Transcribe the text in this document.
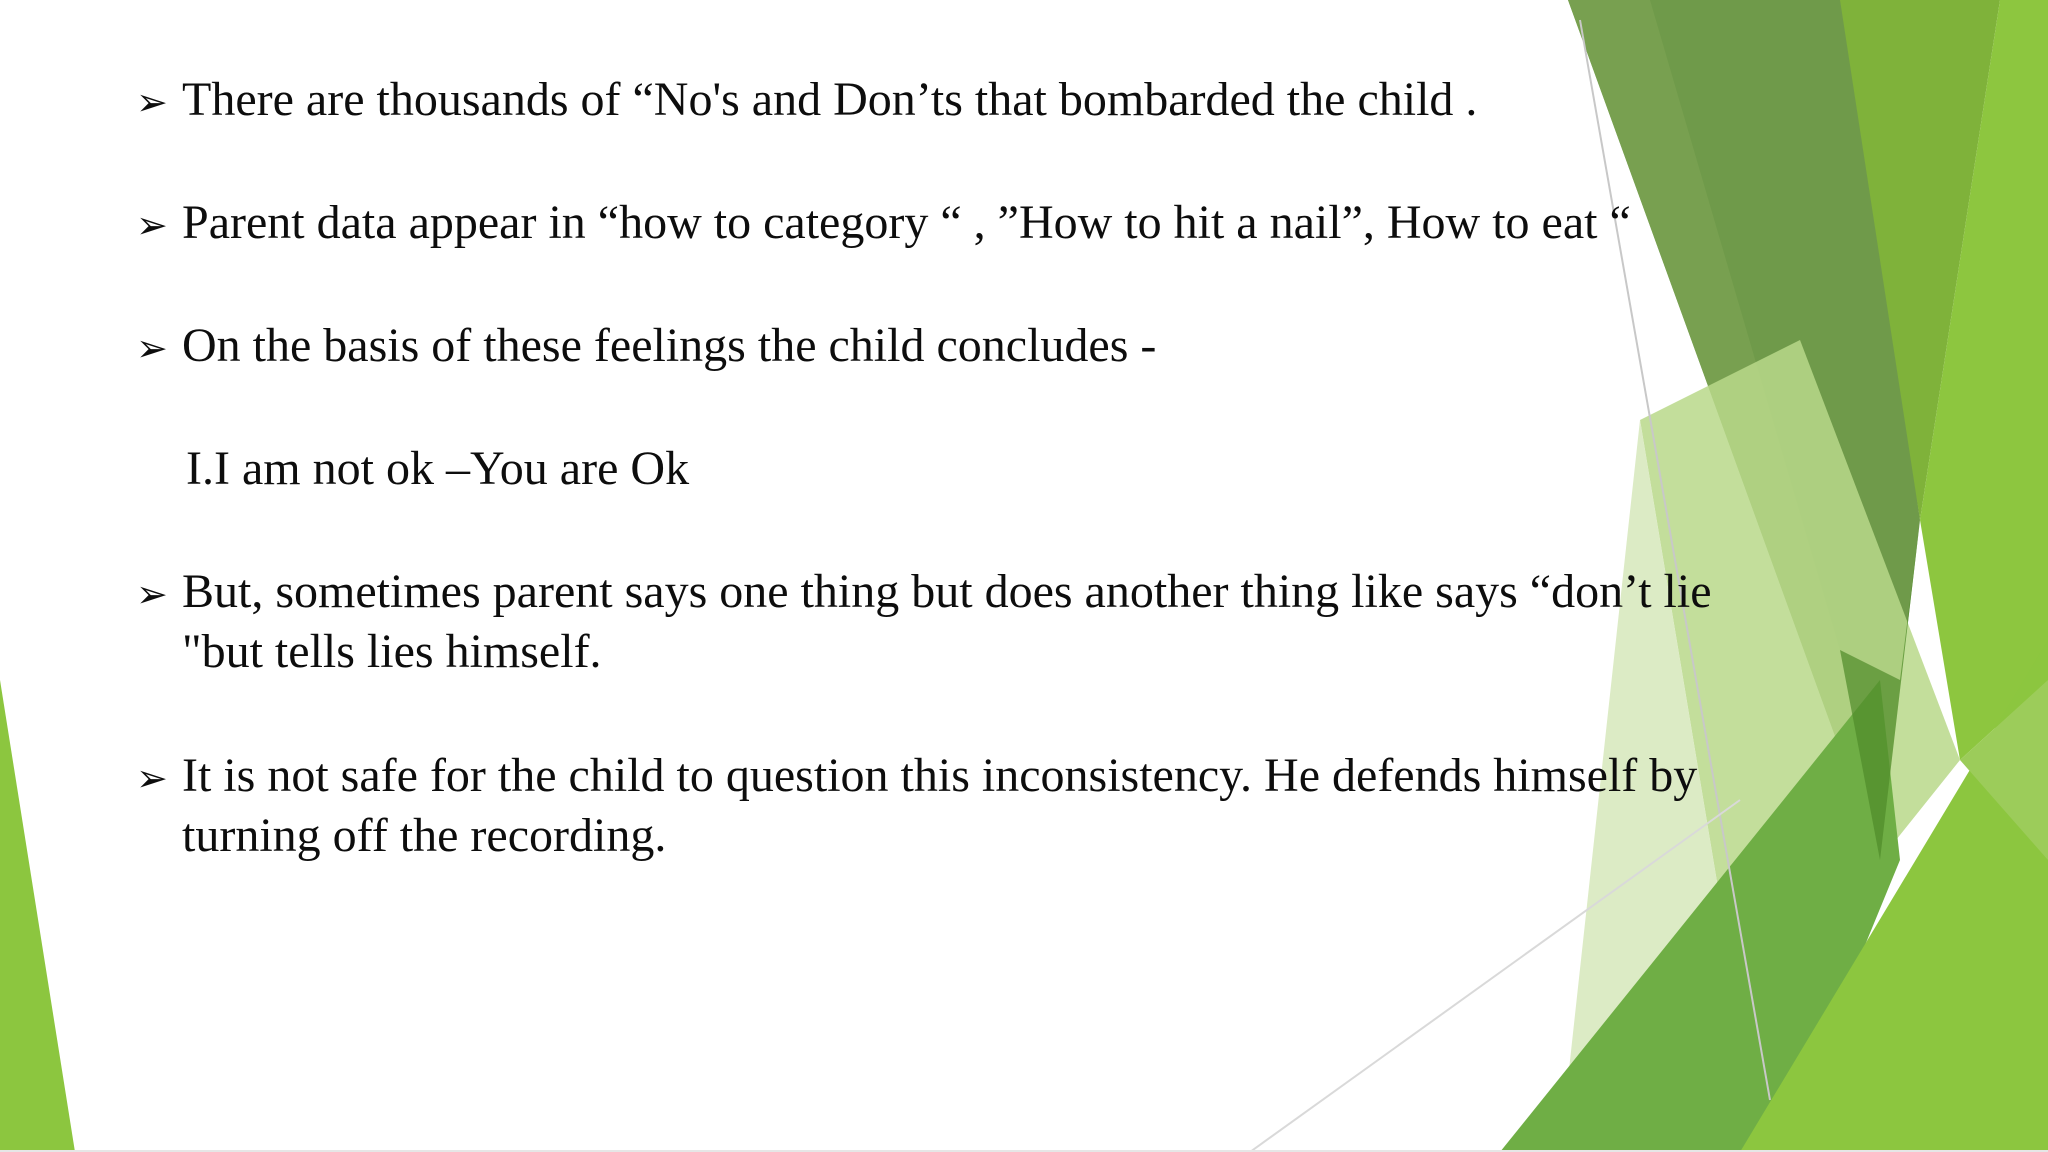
➢ There are thousands of “No's and Don’ts that bombarded the child .
➢ Parent data appear in “how to category “ , ”How to hit a nail”, How to eat “
➢ On the basis of these feelings the child concludes -
I.I am not ok –You are Ok
➢ But, sometimes parent says one thing but does another thing like says “don’t lie
"but tells lies himself.
➢ It is not safe for the child to question this inconsistency. He defends himself by
turning off the recording.
